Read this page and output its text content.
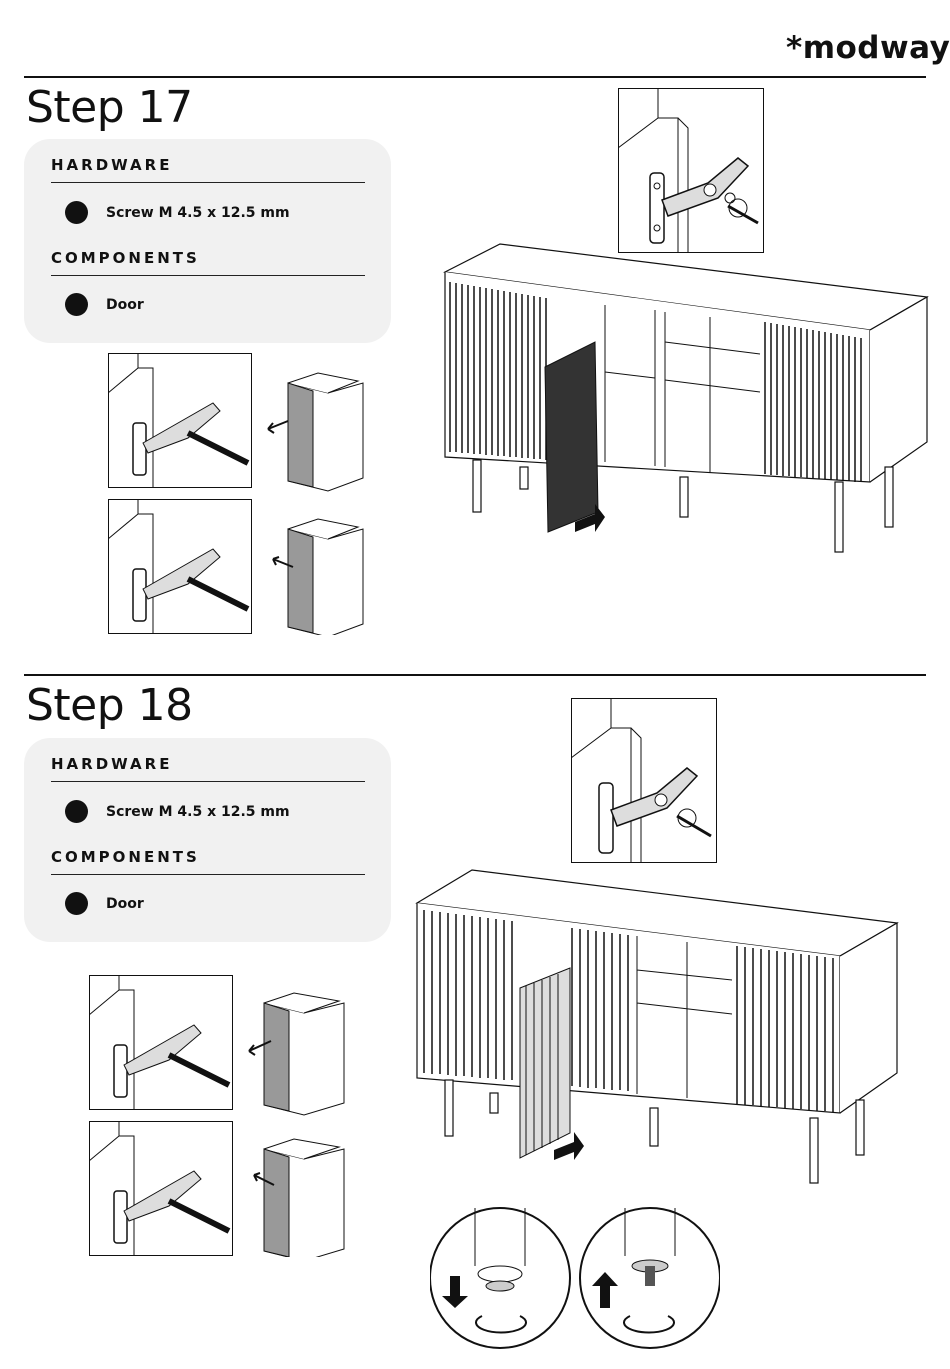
*modway
Step 17
HARDWARE
Screw M 4.5 x 12.5 mm
COMPONENTS
Door
Step 18
HARDWARE
Screw M 4.5 x 12.5 mm
COMPONENTS
Door
